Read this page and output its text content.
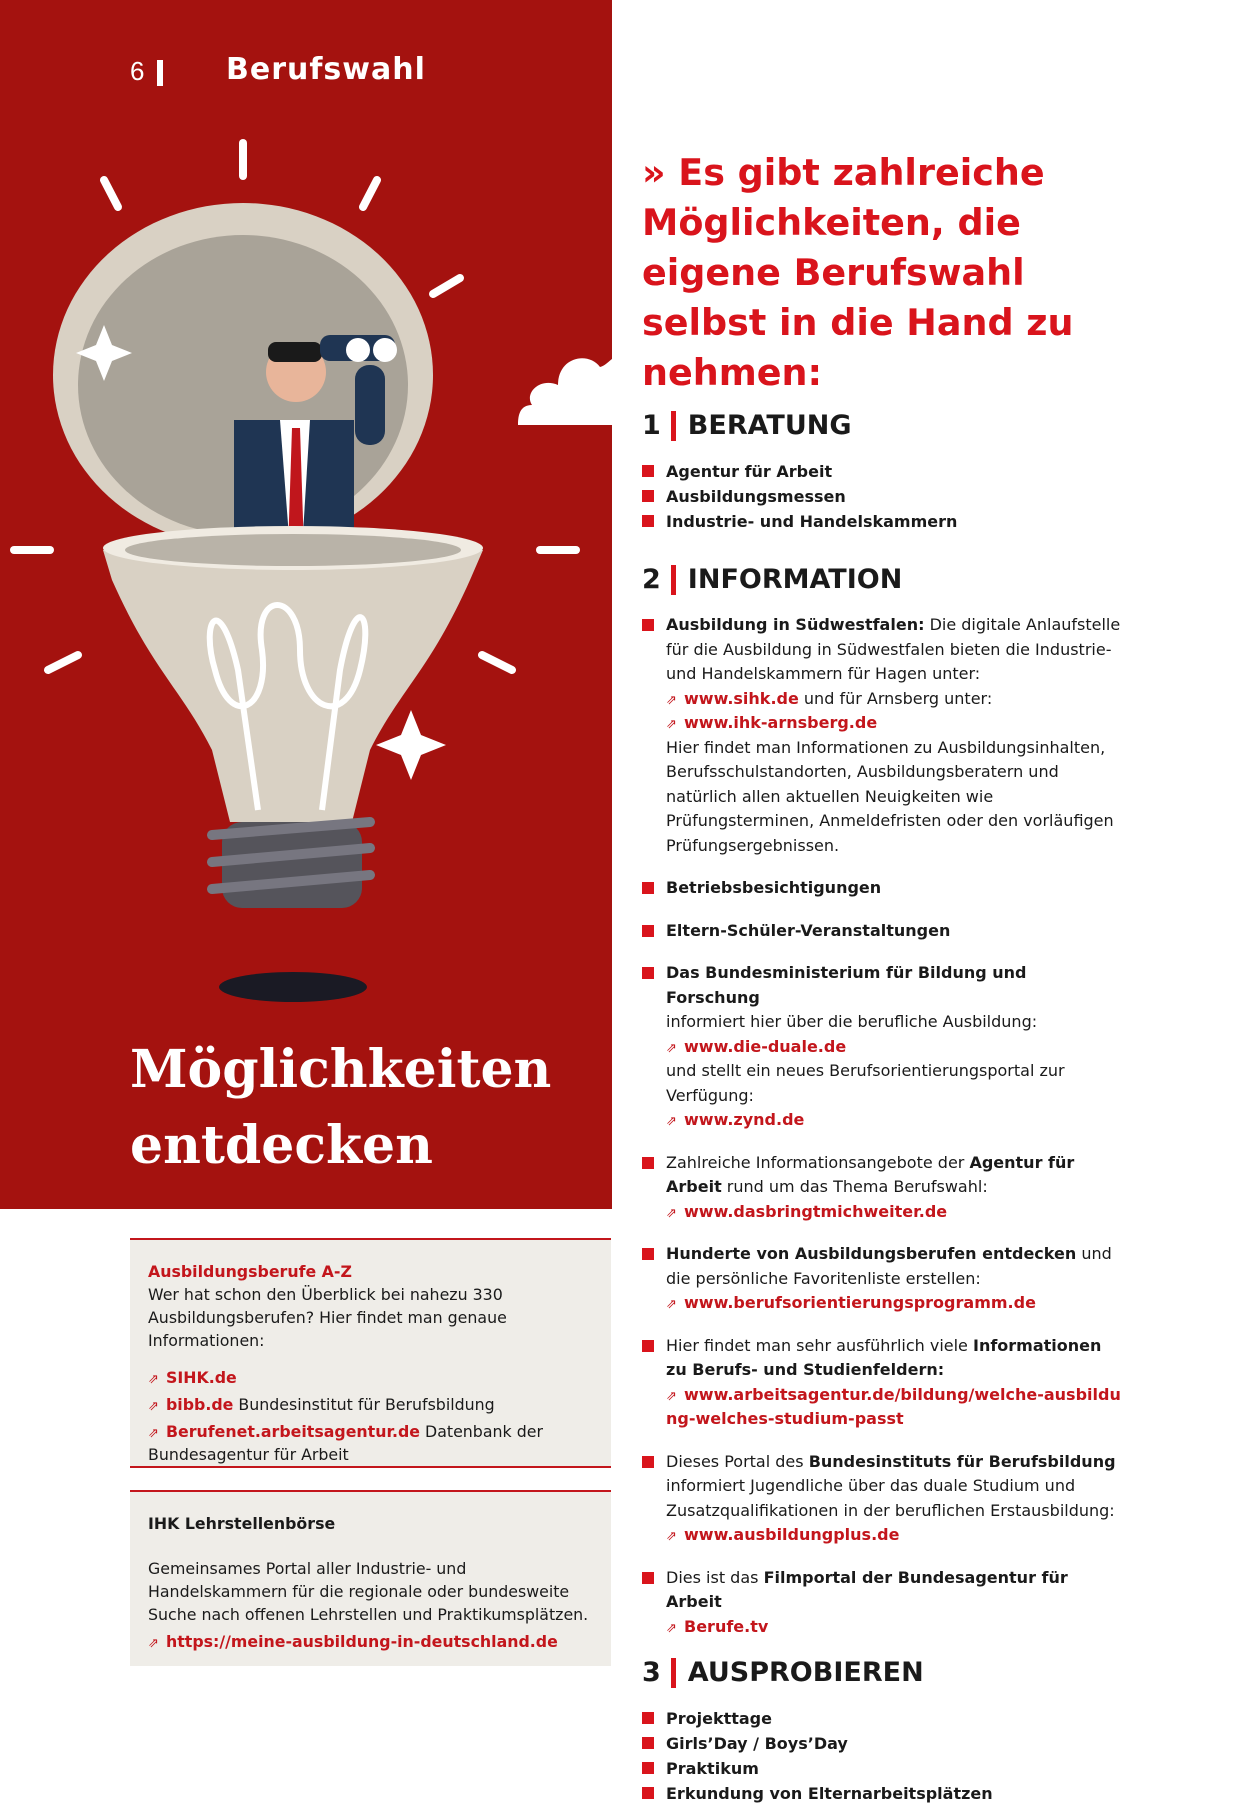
6	Berufswahl
Möglichkeiten
entdecken
Ausbildungsberufe A-Z
Wer hat schon den Überblick bei nahezu 330 Ausbildungsberufen? Hier findet man genaue Informationen:
⇗ SIHK.de
⇗ bibb.de Bundesinstitut für Berufsbildung
⇗ Berufenet.arbeitsagentur.de Datenbank der Bundesagentur für Arbeit
IHK Lehrstellenbörse
Gemeinsames Portal aller Industrie- und Handelskammern für die regionale oder bundesweite Suche nach offenen Lehrstellen und Praktikumsplätzen.
⇗ https://meine-ausbildung-in-deutschland.de

» Es gibt zahlreiche Möglichkeiten, die eigene Berufswahl selbst in die Hand zu nehmen:

1 BERATUNG
Agentur für Arbeit
Ausbildungsmessen
Industrie- und Handelskammern
2 INFORMATION
Ausbildung in Südwestfalen: Die digitale Anlaufstelle für die Ausbildung in Südwestfalen bieten die Industrie- und Handelskammern für Hagen unter:
⇗ www.sihk.de und für Arnsberg unter:
⇗ www.ihk-arnsberg.de
Hier findet man Informationen zu Ausbildungsinhalten, Berufsschulstandorten, Ausbildungsberatern und natürlich allen aktuellen Neuigkeiten wie Prüfungsterminen, Anmeldefristen oder den vorläufigen Prüfungsergebnissen.
Betriebsbesichtigungen
Eltern-Schüler-Veranstaltungen
Das Bundesministerium für Bildung und Forschung
informiert hier über die berufliche Ausbildung:
⇗ www.die-duale.de
und stellt ein neues Berufsorientierungsportal zur Verfügung:
⇗ www.zynd.de
Zahlreiche Informationsangebote der Agentur für Arbeit rund um das Thema Berufswahl:
⇗ www.dasbringtmichweiter.de
Hunderte von Ausbildungsberufen entdecken und die persönliche Favoritenliste erstellen:
⇗ www.berufsorientierungsprogramm.de
Hier findet man sehr ausführlich viele Informationen zu Berufs- und Studienfeldern:
⇗ www.arbeitsagentur.de/bildung/welche-ausbildung-welches-studium-passt
Dieses Portal des Bundesinstituts für Berufsbildung informiert Jugendliche über das duale Studium und Zusatzqualifikationen in der beruflichen Erstausbildung:
⇗ www.ausbildungplus.de
Dies ist das Filmportal der Bundesagentur für Arbeit
⇗ Berufe.tv
3 AUSPROBIEREN
Projekttage
Girls’Day / Boys’Day
Praktikum
Erkundung von Elternarbeitsplätzen
